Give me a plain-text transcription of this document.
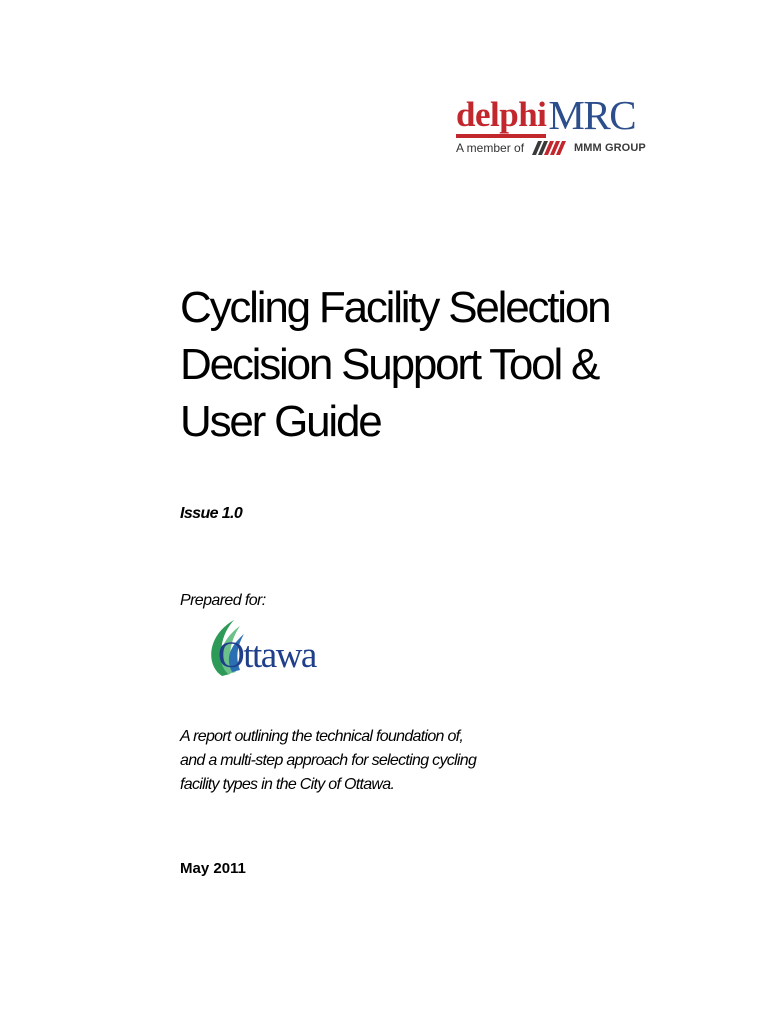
delphi MRC
A member of	MMM GROUP
Cycling Facility Selection
Decision Support Tool &
User Guide
Issue 1.0
Prepared for:
Ottawa
A report outlining the technical foundation of,
and a multi-step approach for selecting cycling
facility types in the City of Ottawa.
May 2011
